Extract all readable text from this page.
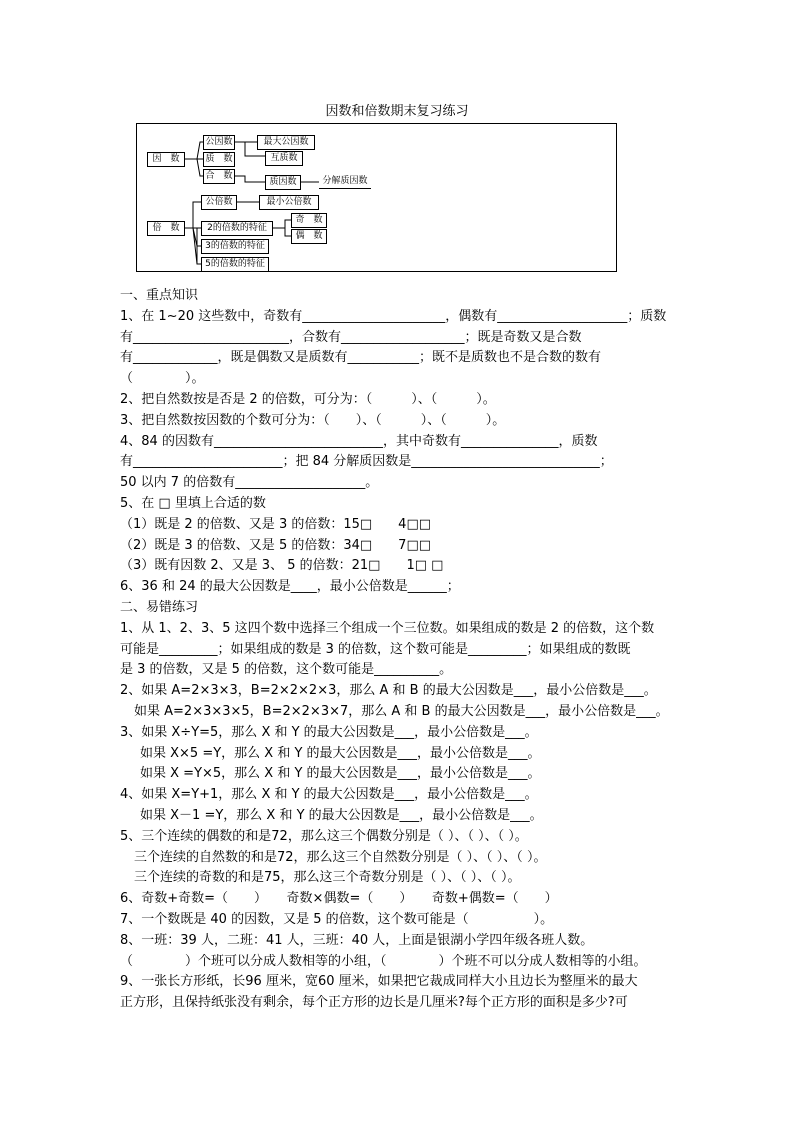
因数和倍数期末复习练习
因　数
公因数	最大公因数
互质数
质　数
合　数
质因数	分解质因数
倍　数
公倍数	最小公倍数
2的倍数的特征
奇　数
偶　数
3的倍数的特征
5的倍数的特征
一、重点知识
1、在 1~20 这些数中，奇数有______________________，偶数有____________________；质数
有________________________，合数有___________________；既是奇数又是合数
有_____________，既是偶数又是质数有___________；既不是质数也不是合数的数有
（　　　　）。
2、把自然数按是否是 2 的倍数，可分为：（　　　）、（　　　）。
3、把自然数按因数的个数可分为：（　　）、（　　　）、（　　　）。
4、84 的因数有__________________________，其中奇数有_______________，质数
有_______________________；把 84 分解质因数是_____________________________；
50 以内 7 的倍数有____________________。
5、在 □ 里填上合适的数
（1）既是 2 的倍数、又是 3 的倍数：15□　　4□□
（2）既是 3 的倍数、又是 5 的倍数：34□　　7□□
（3）既有因数 2、又是 3、 5 的倍数：21□　　1□ □
6、36 和 24 的最大公因数是____，最小公倍数是______；
二、易错练习
1、从 1、2、3、5 这四个数中选择三个组成一个三位数。如果组成的数是 2 的倍数，这个数
可能是_________；如果组成的数是 3 的倍数，这个数可能是_________；如果组成的数既
是 3 的倍数，又是 5 的倍数，这个数可能是__________。
2、如果 A=2×3×3，B=2×2×2×3，那么 A 和 B 的最大公因数是___，最小公倍数是___。
如果 A=2×3×3×5，B=2×2×3×7，那么 A 和 B 的最大公因数是___，最小公倍数是___。
3、如果 X÷Y=5，那么 X 和 Y 的最大公因数是___，最小公倍数是___。
如果 X×5 =Y，那么 X 和 Y 的最大公因数是___，最小公倍数是___。
如果 X =Y×5，那么 X 和 Y 的最大公因数是___，最小公倍数是___。
4、如果 X=Y+1，那么 X 和 Y 的最大公因数是___，最小公倍数是___。
如果 X－1 =Y，那么 X 和 Y 的最大公因数是___，最小公倍数是___。
5、三个连续的偶数的和是72，那么这三个偶数分别是（ ）、（ ）、（ ）。
三个连续的自然数的和是72，那么这三个自然数分别是（ ）、（ ）、（ ）。
三个连续的奇数的和是75，那么这三个奇数分别是（ ）、（ ）、（ ）。
6、奇数+奇数=（　　）　　奇数×偶数=（　　）　　奇数+偶数=（　　）
7、一个数既是 40 的因数，又是 5 的倍数，这个数可能是（　　　　　）。
8、一班：39 人，二班：41 人，三班：40 人，上面是银湖小学四年级各班人数。
（　　　　）个班可以分成人数相等的小组，（　　　　）个班不可以分成人数相等的小组。
9、一张长方形纸，长96 厘米，宽60 厘米，如果把它裁成同样大小且边长为整厘米的最大
正方形，且保持纸张没有剩余，每个正方形的边长是几厘米?每个正方形的面积是多少?可
